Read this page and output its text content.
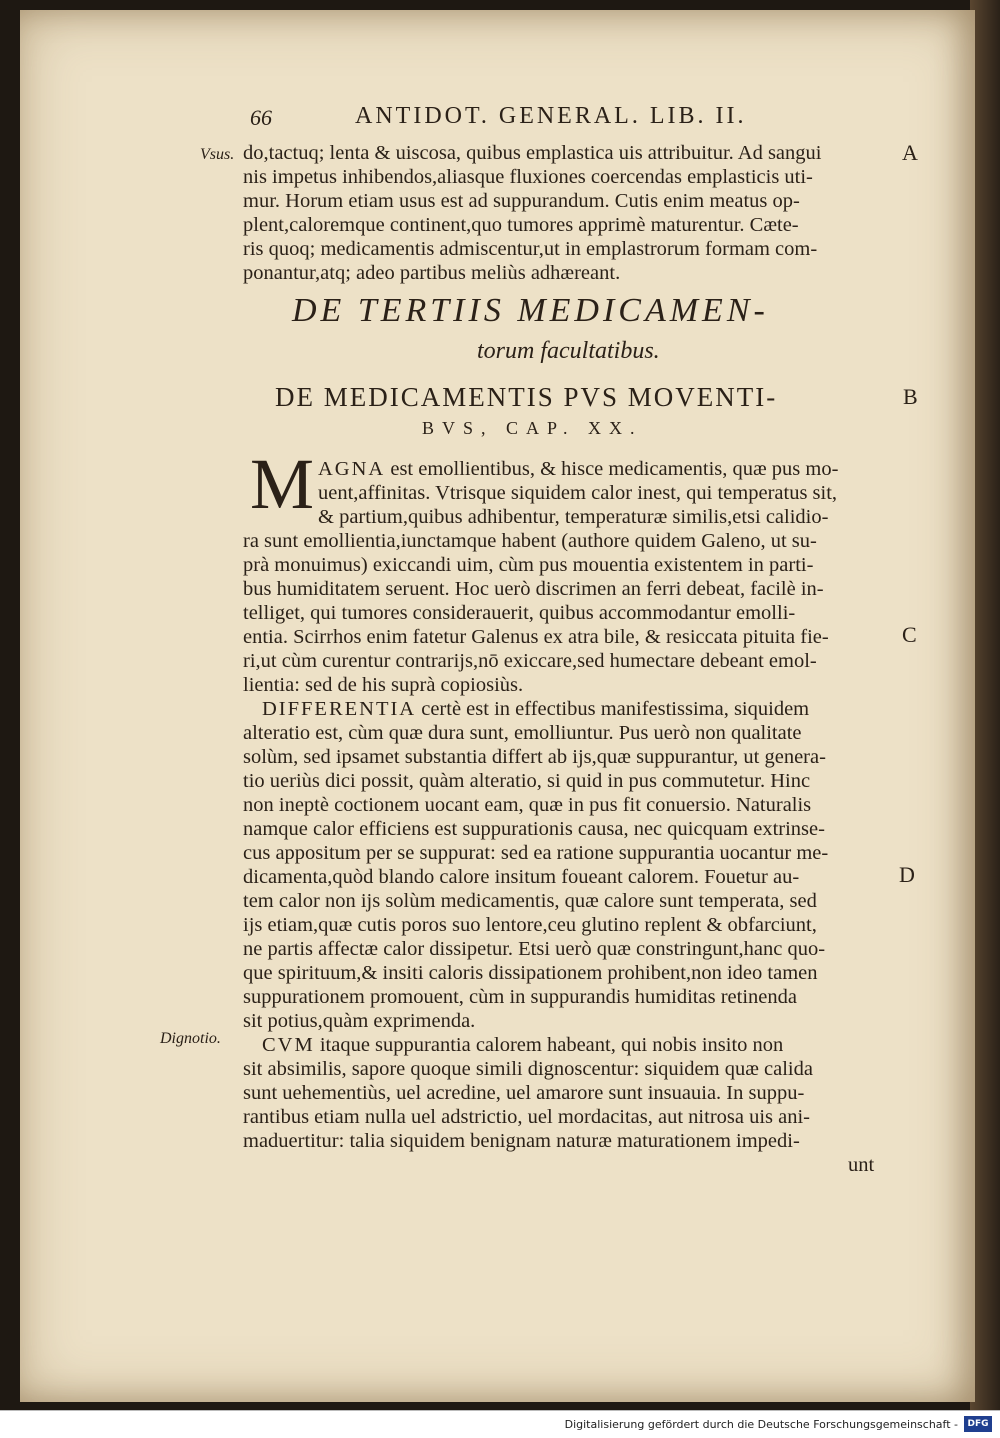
66	ANTIDOT. GENERAL. LIB. II.
Vsus.
Dignotio.
A
B
C
D
do,tactuq; lenta & uiscosa, quibus emplastica uis attribuitur. Ad sangui
nis impetus inhibendos,aliasque fluxiones coercendas emplasticis uti-
mur. Horum etiam usus est ad suppurandum. Cutis enim meatus op-
plent,caloremque continent,quo tumores apprimè maturentur. Cæte-
ris quoq; medicamentis admiscentur,ut in emplastrorum formam com-
ponantur,atq; adeo partibus meliùs adhæreant.
DE TERTIIS MEDICAMEN-
torum facultatibus.
DE MEDICAMENTIS PVS MOVENTI-
BVS, CAP. XX.
M AGNA est emollientibus, & hisce medicamentis, quæ pus mo-
uent,affinitas. Vtrisque siquidem calor inest, qui temperatus sit,
& partium,quibus adhibentur, temperaturæ similis,etsi calidio-
ra sunt emollientia,iunctamque habent (authore quidem Galeno, ut su-
prà monuimus) exiccandi uim, cùm pus mouentia existentem in parti-
bus humiditatem seruent. Hoc uerò discrimen an ferri debeat, facilè in-
telliget, qui tumores considerauerit, quibus accommodantur emolli-
entia. Scirrhos enim fatetur Galenus ex atra bile, & resiccata pituita fie-
ri,ut cùm curentur contrarijs,nō exiccare,sed humectare debeant emol-
lientia: sed de his suprà copiosiùs.
DIFFERENTIA certè est in effectibus manifestissima, siquidem
alteratio est, cùm quæ dura sunt, emolliuntur. Pus uerò non qualitate
solùm, sed ipsamet substantia differt ab ijs,quæ suppurantur, ut genera-
tio ueriùs dici possit, quàm alteratio, si quid in pus commutetur. Hinc
non ineptè coctionem uocant eam, quæ in pus fit conuersio. Naturalis
namque calor efficiens est suppurationis causa, nec quicquam extrinse-
cus appositum per se suppurat: sed ea ratione suppurantia uocantur me-
dicamenta,quòd blando calore insitum foueant calorem. Fouetur au-
tem calor non ijs solùm medicamentis, quæ calore sunt temperata, sed
ijs etiam,quæ cutis poros suo lentore,ceu glutino replent & obfarciunt,
ne partis affectæ calor dissipetur. Etsi uerò quæ constringunt,hanc quo-
que spirituum,& insiti caloris dissipationem prohibent,non ideo tamen
suppurationem promouent, cùm in suppurandis humiditas retinenda
sit potius,quàm exprimenda.
CVM itaque suppurantia calorem habeant, qui nobis insito non
sit absimilis, sapore quoque simili dignoscentur: siquidem quæ calida
sunt uehementiùs, uel acredine, uel amarore sunt insuauia. In suppu-
rantibus etiam nulla uel adstrictio, uel mordacitas, aut nitrosa uis ani-
maduertitur: talia siquidem benignam naturæ maturationem impedi-
unt
Digitalisierung gefördert durch die Deutsche Forschungsgemeinschaft -	DFG
